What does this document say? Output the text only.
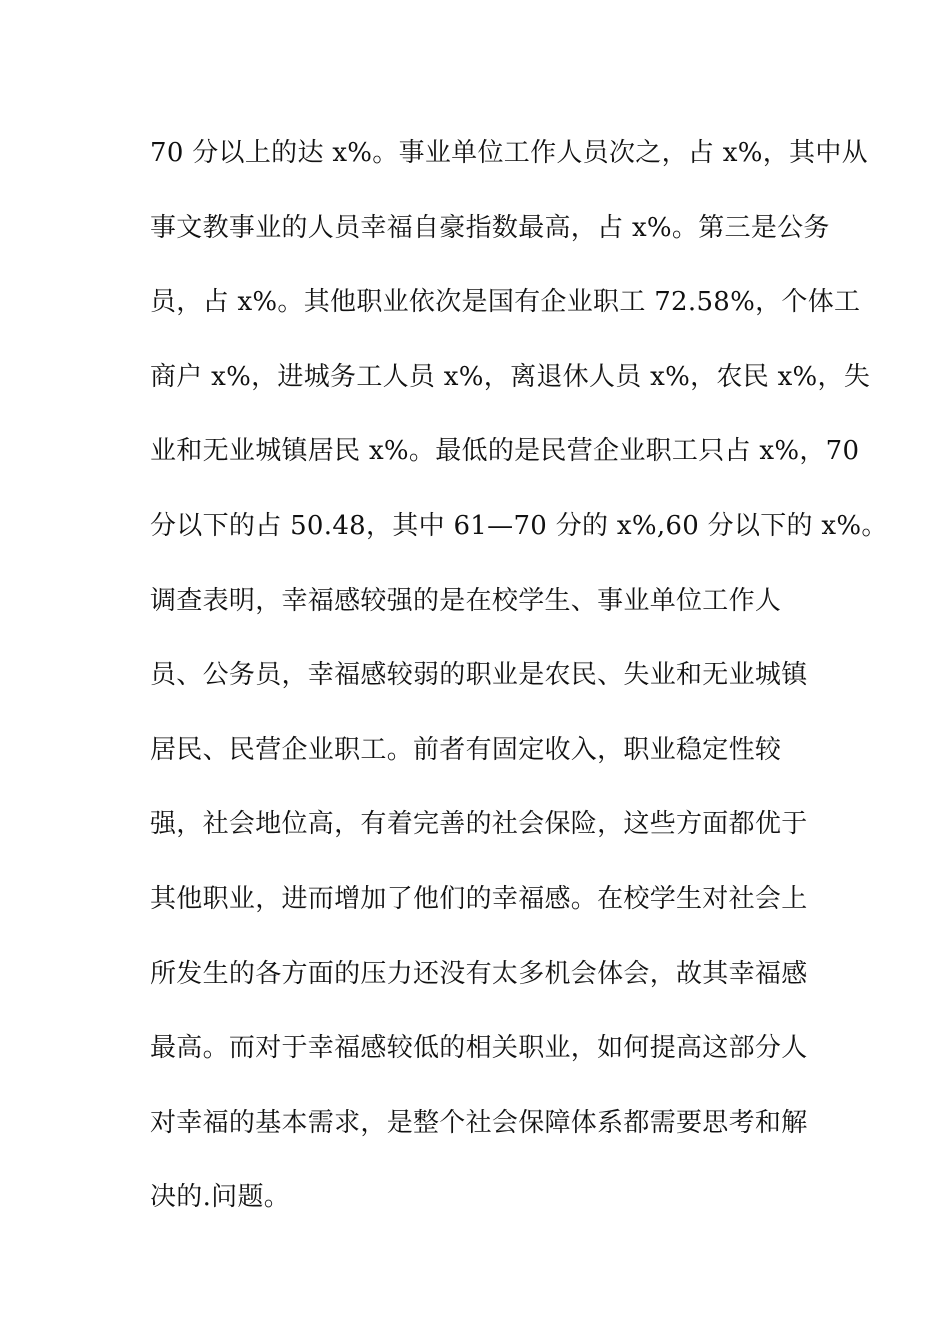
70 分以上的达 x%。事业单位工作人员次之，占 x%，其中从
事文教事业的人员幸福自豪指数最高，占 x%。第三是公务
员，占 x%。其他职业依次是国有企业职工 72.58%，个体工
商户 x%，进城务工人员 x%，离退休人员 x%，农民 x%，失
业和无业城镇居民 x%。最低的是民营企业职工只占 x%，70
分以下的占 50.48，其中 61—70 分的 x%,60 分以下的 x%。
调查表明，幸福感较强的是在校学生、事业单位工作人
员、公务员，幸福感较弱的职业是农民、失业和无业城镇
居民、民营企业职工。前者有固定收入，职业稳定性较
强，社会地位高，有着完善的社会保险，这些方面都优于
其他职业，进而增加了他们的幸福感。在校学生对社会上
所发生的各方面的压力还没有太多机会体会，故其幸福感
最高。而对于幸福感较低的相关职业，如何提高这部分人
对幸福的基本需求，是整个社会保障体系都需要思考和解
决的.问题。
